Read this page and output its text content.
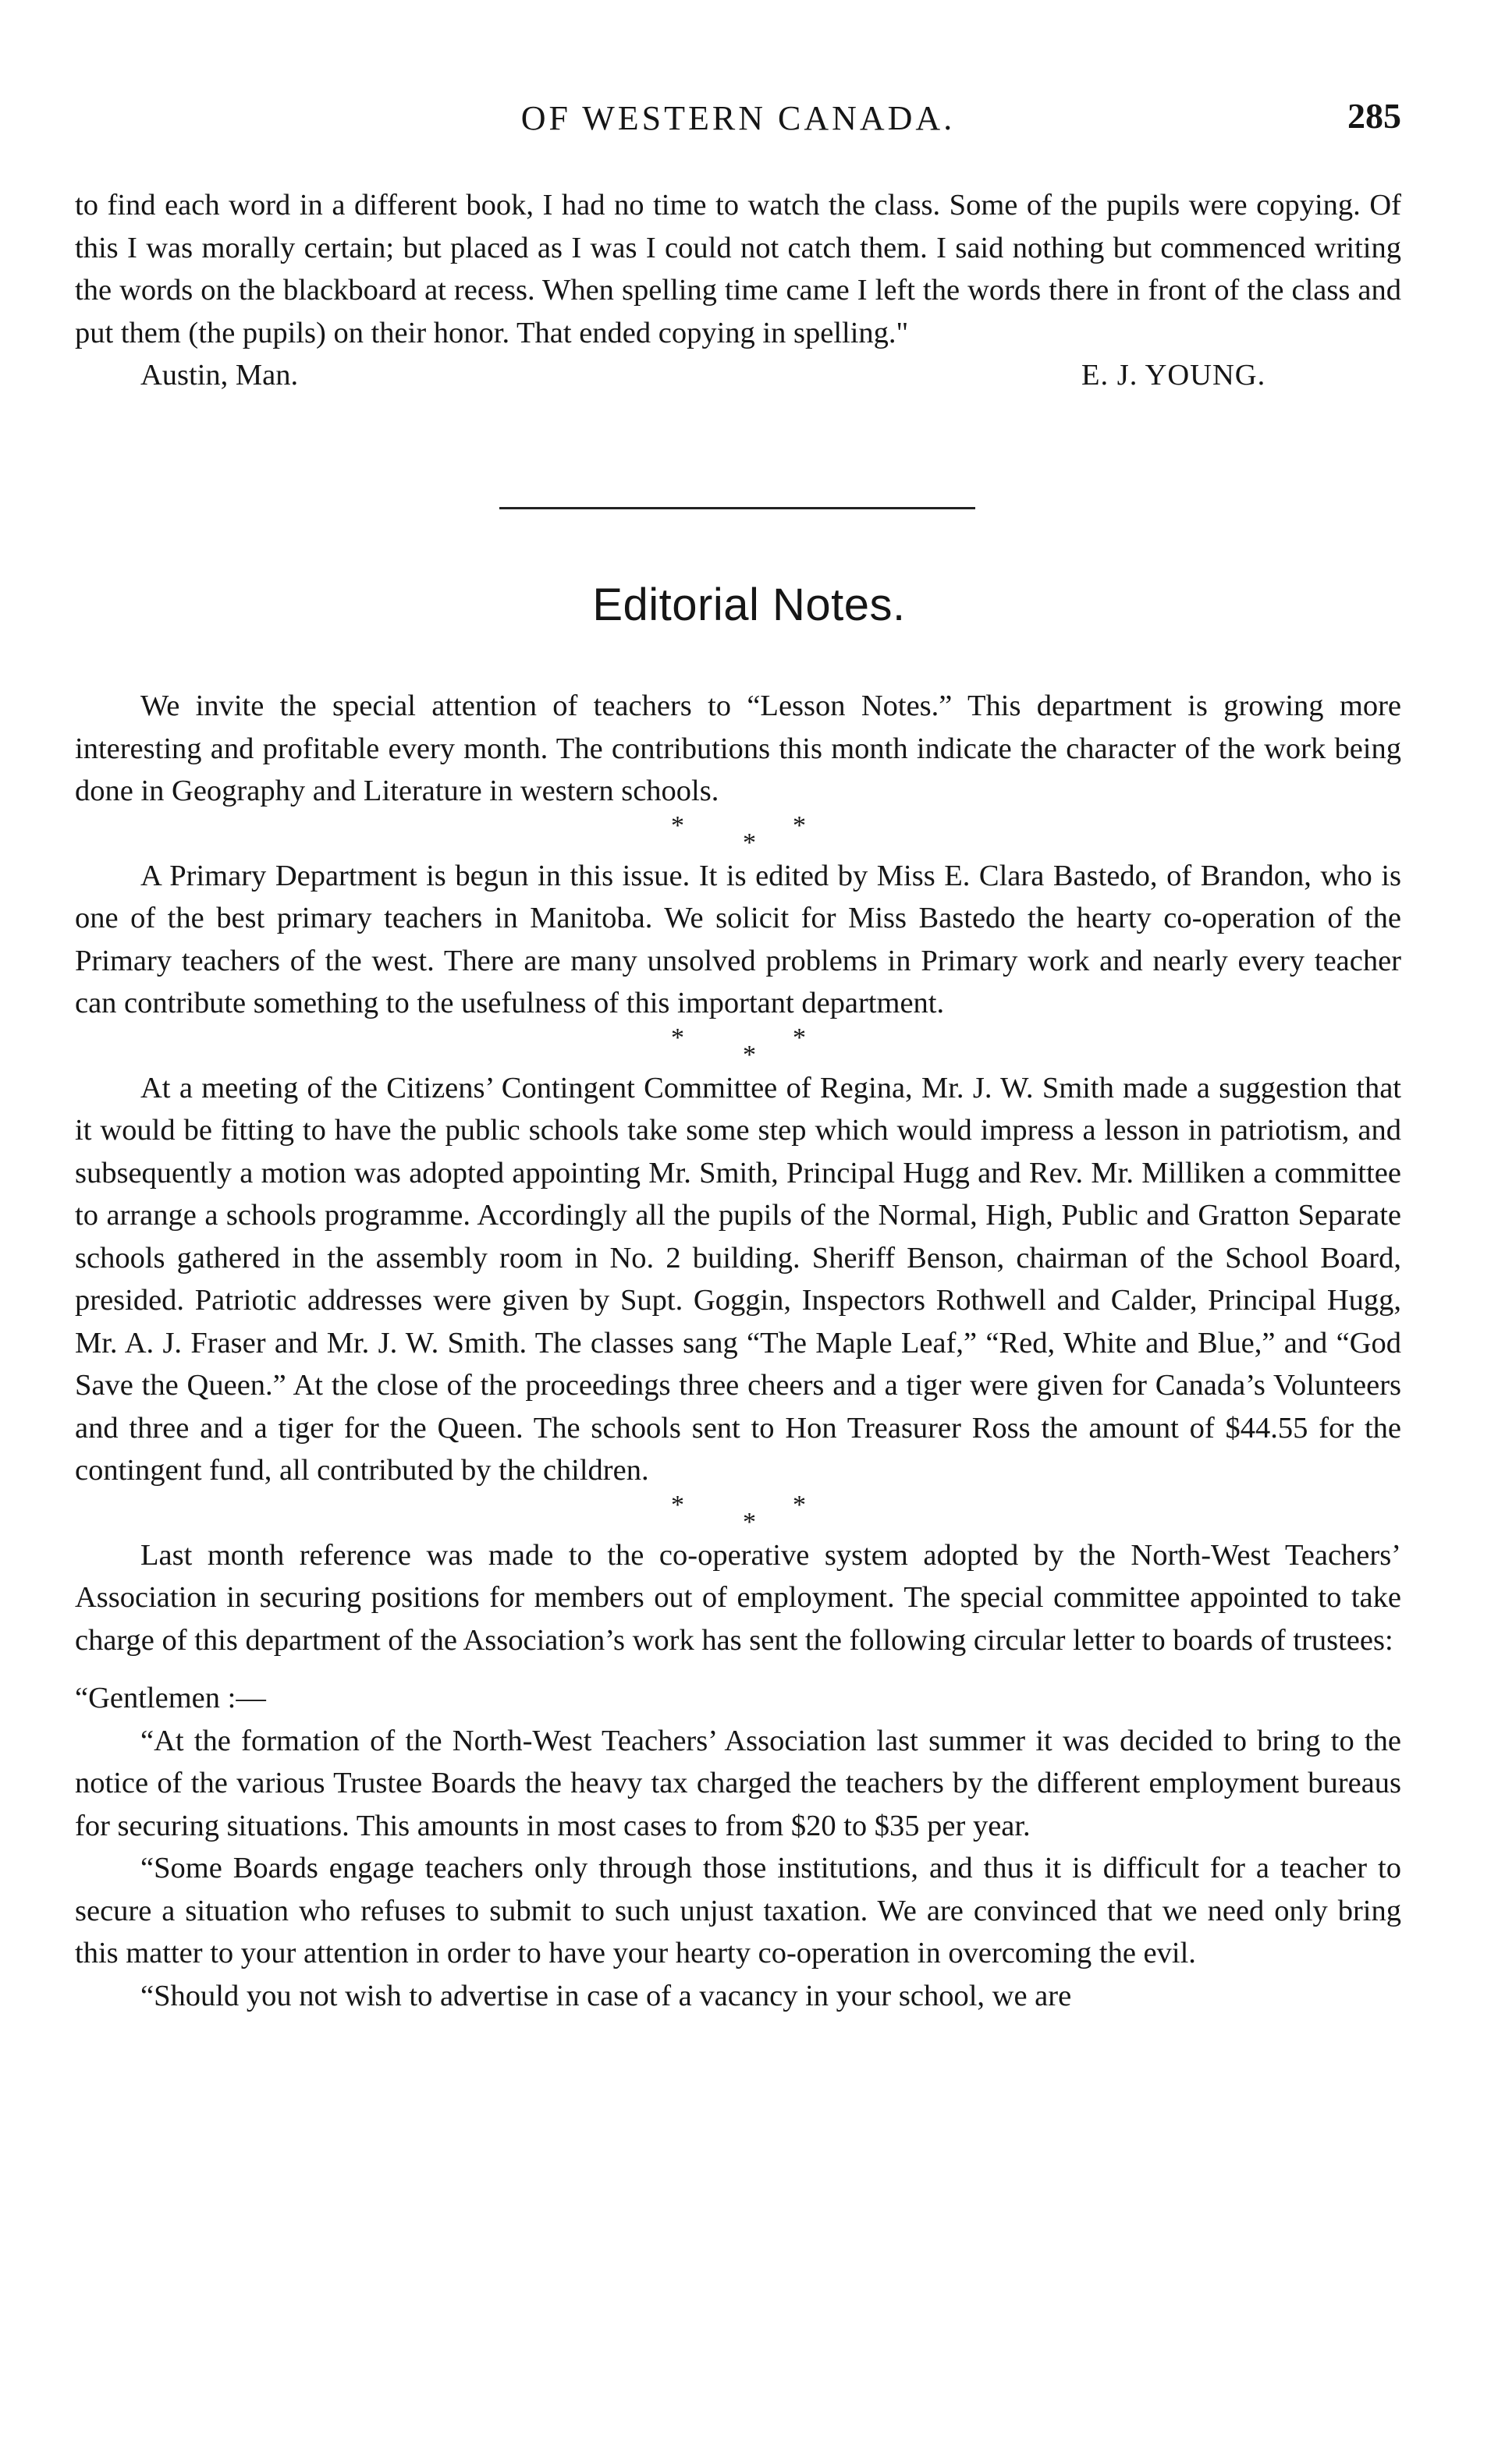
OF WESTERN CANADA.	285

to find each word in a different book, I had no time to watch the class. Some of the pupils were copying. Of this I was morally certain; but placed as I was I could not catch them. I said nothing but commenced writing the words on the blackboard at recess. When spelling time came I left the words there in front of the class and put them (the pupils) on their honor. That ended copying in spelling."

Austin, Man.	E. J. YOUNG.
Editorial Notes.

We invite the special attention of teachers to “Lesson Notes.” This department is growing more interesting and profitable every month. The contributions this month indicate the character of the work being done in Geography and Literature in western schools.

*
*
*

A Primary Department is begun in this issue. It is edited by Miss E. Clara Bastedo, of Brandon, who is one of the best primary teachers in Manitoba. We solicit for Miss Bastedo the hearty co-operation of the Primary teachers of the west. There are many unsolved problems in Primary work and nearly every teacher can contribute something to the usefulness of this important department.

*
*
*

At a meeting of the Citizens’ Contingent Committee of Regina, Mr. J. W. Smith made a suggestion that it would be fitting to have the public schools take some step which would impress a lesson in patriotism, and subsequently a motion was adopted appointing Mr. Smith, Principal Hugg and Rev. Mr. Milliken a committee to arrange a schools programme. Accordingly all the pupils of the Normal, High, Public and Gratton Separate schools gathered in the assembly room in No. 2 building. Sheriff Benson, chairman of the School Board, presided. Patriotic addresses were given by Supt. Goggin, Inspectors Rothwell and Calder, Principal Hugg, Mr. A. J. Fraser and Mr. J. W. Smith. The classes sang “The Maple Leaf,” “Red, White and Blue,” and “God Save the Queen.” At the close of the proceedings three cheers and a tiger were given for Canada’s Volunteers and three and a tiger for the Queen. The schools sent to Hon Treasurer Ross the amount of $44.55 for the contingent fund, all contributed by the children.

*
*
*

Last month reference was made to the co-operative system adopted by the North-West Teachers’ Association in securing positions for members out of employment. The special committee appointed to take charge of this department of the Association’s work has sent the following circular letter to boards of trustees:

“Gentlemen :—

“At the formation of the North-West Teachers’ Association last summer it was decided to bring to the notice of the various Trustee Boards the heavy tax charged the teachers by the different employment bureaus for securing situations. This amounts in most cases to from $20 to $35 per year.

“Some Boards engage teachers only through those institutions, and thus it is difficult for a teacher to secure a situation who refuses to submit to such unjust taxation. We are convinced that we need only bring this matter to your attention in order to have your hearty co-operation in overcoming the evil.

“Should you not wish to advertise in case of a vacancy in your school, we are
